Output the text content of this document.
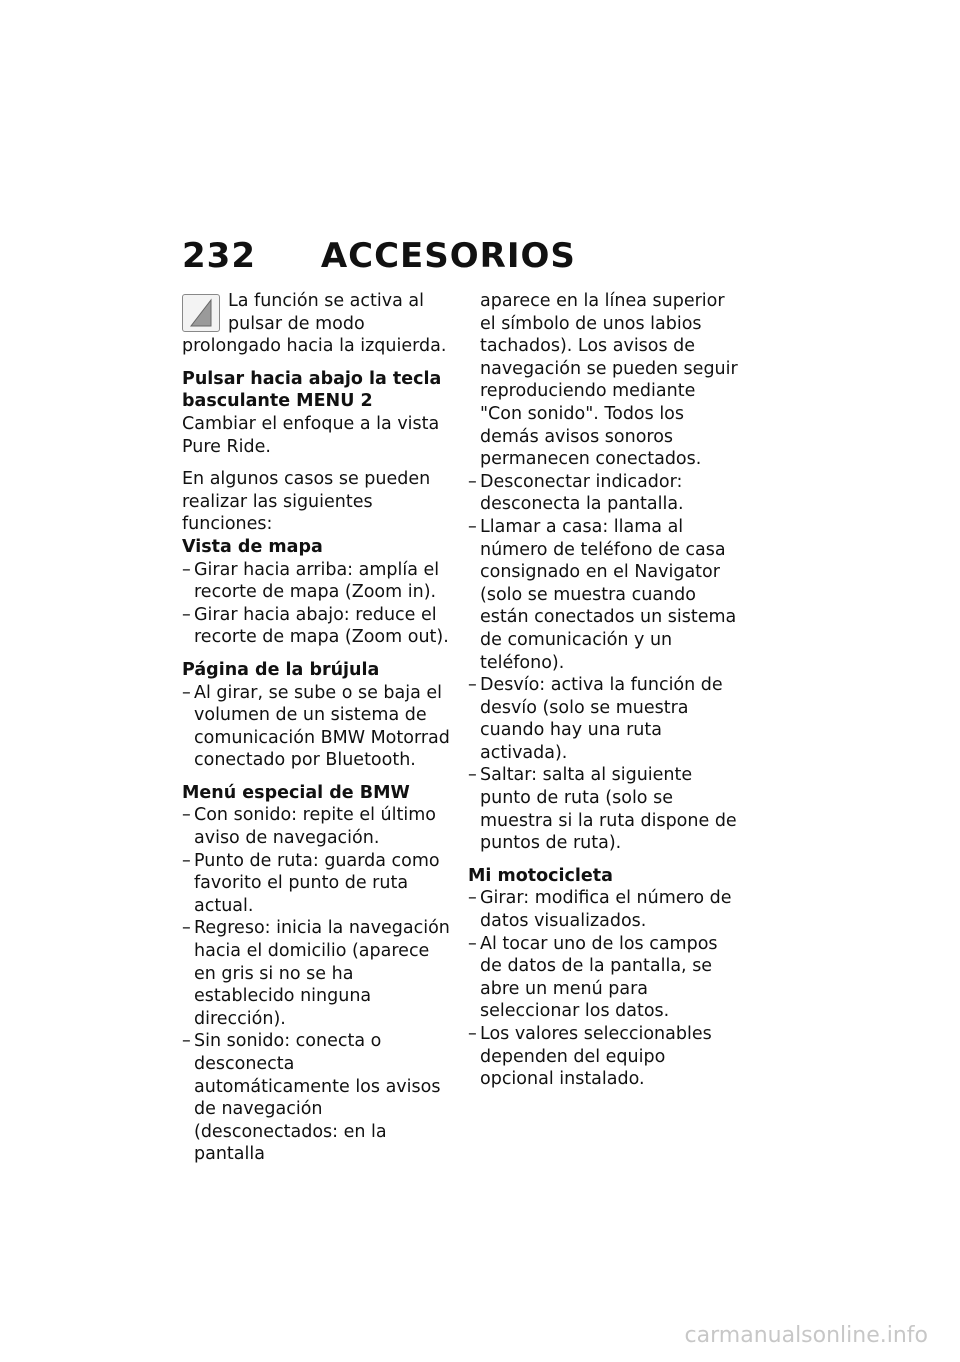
232 ACCESORIOS
La función se activa al pulsar de modo prolongado hacia la izquierda.

Pulsar hacia abajo la tecla basculante MENU 2

Cambiar el enfoque a la vista Pure Ride.

En algunos casos se pueden realizar las siguientes funciones:

Vista de mapa

– Girar hacia arriba: amplía el recorte de mapa (Zoom in).
– Girar hacia abajo: reduce el recorte de mapa (Zoom out).

Página de la brújula

– Al girar, se sube o se baja el volumen de un sistema de comunicación BMW Motorrad conectado por Bluetooth.

Menú especial de BMW

– Con sonido: repite el último aviso de navegación.
– Punto de ruta: guarda como favorito el punto de ruta actual.
– Regreso: inicia la navegación hacia el domicilio (aparece en gris si no se ha establecido ninguna dirección).
– Sin sonido: conecta o desconecta automáticamente los avisos de navegación (desconectados: en la pantalla

aparece en la línea superior el símbolo de unos labios tachados). Los avisos de navegación se pueden seguir reproduciendo mediante "Con sonido". Todos los demás avisos sonoros permanecen conectados.

– Desconectar indicador: desconecta la pantalla.
– Llamar a casa: llama al número de teléfono de casa consignado en el Navigator (solo se muestra cuando están conectados un sistema de comunicación y un teléfono).
– Desvío: activa la función de desvío (solo se muestra cuando hay una ruta activada).
– Saltar: salta al siguiente punto de ruta (solo se muestra si la ruta dispone de puntos de ruta).

Mi motocicleta

– Girar: modifica el número de datos visualizados.
– Al tocar uno de los campos de datos de la pantalla, se abre un menú para seleccionar los datos.
– Los valores seleccionables dependen del equipo opcional instalado.
carmanualsonline.info
